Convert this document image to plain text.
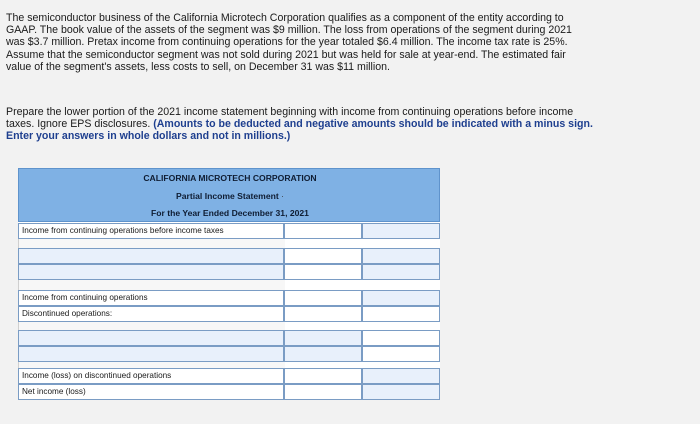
The semiconductor business of the California Microtech Corporation qualifies as a component of the entity according to
GAAP. The book value of the assets of the segment was $9 million. The loss from operations of the segment during 2021
was $3.7 million. Pretax income from continuing operations for the year totaled $6.4 million. The income tax rate is 25%.
Assume that the semiconductor segment was not sold during 2021 but was held for sale at year-end. The estimated fair
value of the segment's assets, less costs to sell, on December 31 was $11 million.
Prepare the lower portion of the 2021 income statement beginning with income from continuing operations before income
taxes. Ignore EPS disclosures. (Amounts to be deducted and negative amounts should be indicated with a minus sign.
Enter your answers in whole dollars and not in millions.)
CALIFORNIA MICROTECH CORPORATION
Partial Income Statement ·
For the Year Ended December 31, 2021
Income from continuing operations before income taxes
Income from continuing operations
Discontinued operations:
Income (loss) on discontinued operations
Net income (loss)
